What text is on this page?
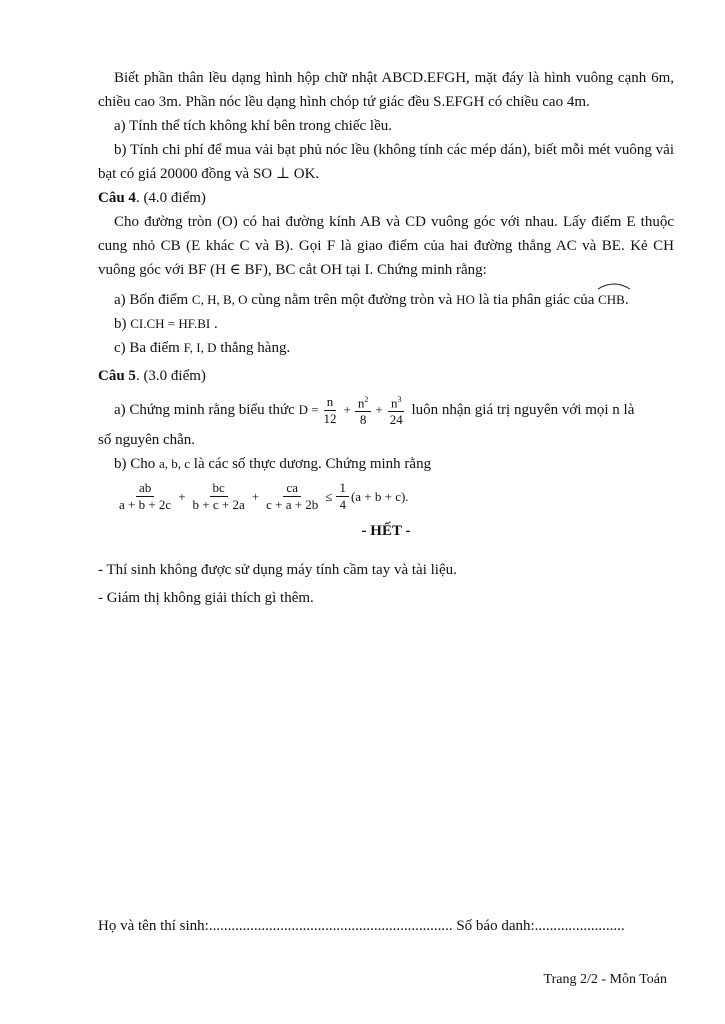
Biết phần thân lều dạng hình hộp chữ nhật ABCD.EFGH, mặt đáy là hình vuông cạnh 6m, chiều cao 3m. Phần nóc lều dạng hình chóp tứ giác đều S.EFGH có chiều cao 4m.

a) Tính thể tích không khí bên trong chiếc lều.

b) Tính chi phí để mua vải bạt phủ nóc lều (không tính các mép dán), biết mỗi mét vuông vải bạt có giá 20000 đồng và SO ⊥ OK.

Câu 4. (4.0 điểm)

Cho đường tròn (O) có hai đường kính AB và CD vuông góc với nhau. Lấy điểm E thuộc cung nhỏ CB (E khác C và B). Gọi F là giao điểm của hai đường thẳng AC và BE. Kẻ CH vuông góc với BF (H ∈ BF), BC cắt OH tại I. Chứng minh rằng:

a) Bốn điểm C, H, B, O cùng nằm trên một đường tròn và HO là tia phân giác của CHB.

b) CI.CH = HF.BI .

c) Ba điểm F, I, D thẳng hàng.

Câu 5. (3.0 điểm)

a) Chứng minh rằng biểu thức
$D = \frac{n}{12} + \frac{n^2}{8} + \frac{n^3}{24}$
luôn nhận giá trị nguyên với mọi n là

số nguyên chẵn.

b) Cho a, b, c là các số thực dương. Chứng minh rằng

$\frac{ab}{a + b + 2c} + \frac{bc}{b + c + 2a} + \frac{ca}{c + a + 2b} \le \frac{1}{4} (a + b + c)$.

- HẾT -

- Thí sinh không được sử dụng máy tính cầm tay và tài liệu.

- Giám thị không giải thích gì thêm.

Họ và tên thí sinh:.................................................................
Số báo danh:........................
Trang 2/2 - Môn Toán
